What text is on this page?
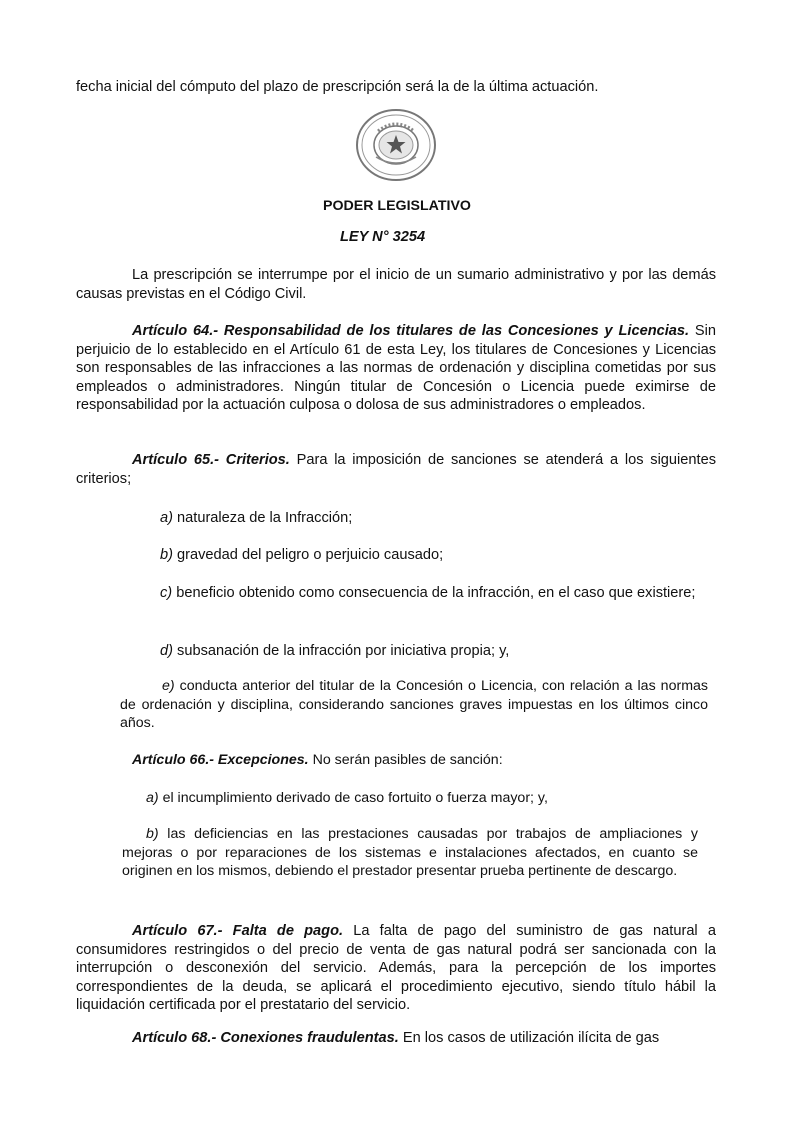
fecha inicial del cómputo del plazo de prescripción será la de la última actuación.
PODER LEGISLATIVO
LEY N° 3254
La prescripción se interrumpe por el inicio de un sumario administrativo y por las demás causas previstas en el Código Civil.
Artículo 64.- Responsabilidad de los titulares de las Concesiones y Licencias. Sin perjuicio de lo establecido en el Artículo 61 de esta Ley, los titulares de Concesiones y Licencias son responsables de las infracciones a las normas de ordenación y disciplina cometidas por sus empleados o administradores. Ningún titular de Concesión o Licencia puede eximirse de responsabilidad por la actuación culposa o dolosa de sus administradores o empleados.
Artículo 65.- Criterios. Para la imposición de sanciones se atenderá a los siguientes criterios;
a) naturaleza de la Infracción;
b) gravedad del peligro o perjuicio causado;
c) beneficio obtenido como consecuencia de la infracción, en el caso que existiere;
d) subsanación de la infracción por iniciativa propia; y,
e) conducta anterior del titular de la Concesión o Licencia, con relación a las normas de ordenación y disciplina, considerando sanciones graves impuestas en los últimos cinco años.
Artículo 66.- Excepciones. No serán pasibles de sanción:
a) el incumplimiento derivado de caso fortuito o fuerza mayor; y,
b) las deficiencias en las prestaciones causadas por trabajos de ampliaciones y mejoras o por reparaciones de los sistemas e instalaciones afectados, en cuanto se originen en los mismos, debiendo el prestador presentar prueba pertinente de descargo.
Artículo 67.- Falta de pago. La falta de pago del suministro de gas natural a consumidores restringidos o del precio de venta de gas natural podrá ser sancionada con la interrupción o desconexión del servicio. Además, para la percepción de los importes correspondientes de la deuda, se aplicará el procedimiento ejecutivo, siendo título hábil la liquidación certificada por el prestatario del servicio.
Artículo 68.- Conexiones fraudulentas. En los casos de utilización ilícita de gas
